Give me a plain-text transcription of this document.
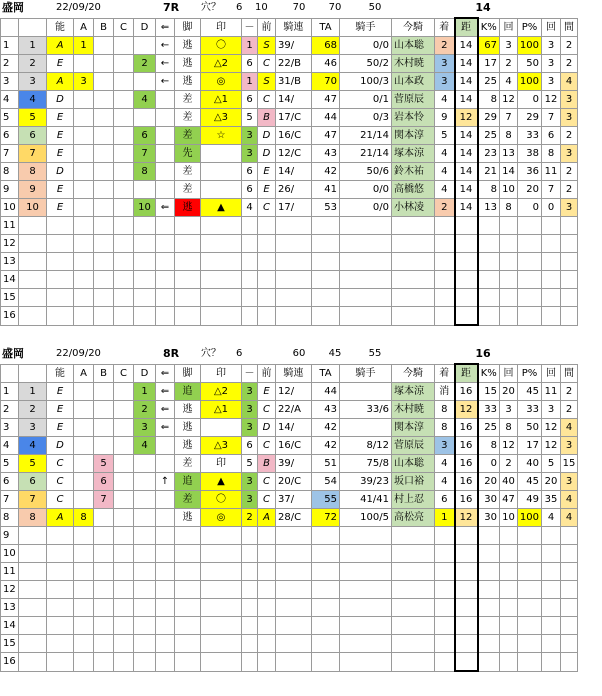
盛岡	22/09/20	7R 穴？ 6 10	70	70	50	14
		能	A	B	C	D	⇐	脚	印	－	前	騎連	TA	騎手	今騎	着	距	K%	回	P%	回	間
1	1	A	1				←	逃	〇	1	S	39/	68	0/0	山本聡	2	14	67	3	100	3	2
2	2	E				2	←	逃	△2	6	C	22/B	46	50/2	木村暁	3	14	17	2	50	3	2
3	3	A	3				←	逃	◎	1	S	31/B	70	100/3	山本政	3	14	25	4	100	3	4
4	4	D				4		差	△1	6	C	14/	47	0/1	菅原辰	4	14	8	12	0	12	3
5	5	E						差	△3	5	B	17/C	44	0/3	岩本怜	9	12	29	7	29	7	3
6	6	E				6		差	☆	3	D	16/C	47	21/14	関本淳	5	14	25	8	33	6	2
7	7	E				7		先		3	D	12/C	43	21/14	塚本涼	4	14	23	13	38	8	3
8	8	D				8		差		6	E	14/	42	50/6	鈴木祐	4	14	21	14	36	11	2
9	9	E						差		6	E	26/	41	0/0	高橋悠	4	14	8	10	20	7	2
10	10	E				10	⇐	逃	▲	4	C	17/	53	0/0	小林凌	2	14	13	8	0	0	3
11																						
12																						
13																						
14																						
15																						
16																						
盛岡	22/09/20	8R 穴？ 6	60	45	55	16
		能	A	B	C	D	⇐	脚	印	－	前	騎連	TA	騎手	今騎	着	距	K%	回	P%	回	間
1	1	E				1	⇐	追	△2	3	E	12/	44		塚本涼	消	16	15	20	45	11	2
2	2	E				2	⇐	逃	△1	3	C	22/A	43	33/6	木村暁	8	12	33	3	33	3	2
3	3	E				3	⇐	逃		3	D	14/	42		関本淳	8	16	25	8	50	12	4
4	4	D				4		逃	△3	6	C	16/C	42	8/12	菅原辰	3	16	8	12	17	12	3
5	5	C		5				差	印	5	B	39/	51	75/8	山本聡	4	16	0	2	40	5	15
6	6	C		6			↑	追	▲	3	C	20/C	54	39/23	坂口裕	4	16	20	40	45	20	3
7	7	C		7				差	〇	3	C	37/	55	41/41	村上忍	6	16	30	47	49	35	4
8	8	A	8					逃	◎	2	A	28/C	72	100/5	高松亮	1	12	30	10	100	4	4
9																						
10																						
11																						
12																						
13																						
14																						
15																						
16																						
